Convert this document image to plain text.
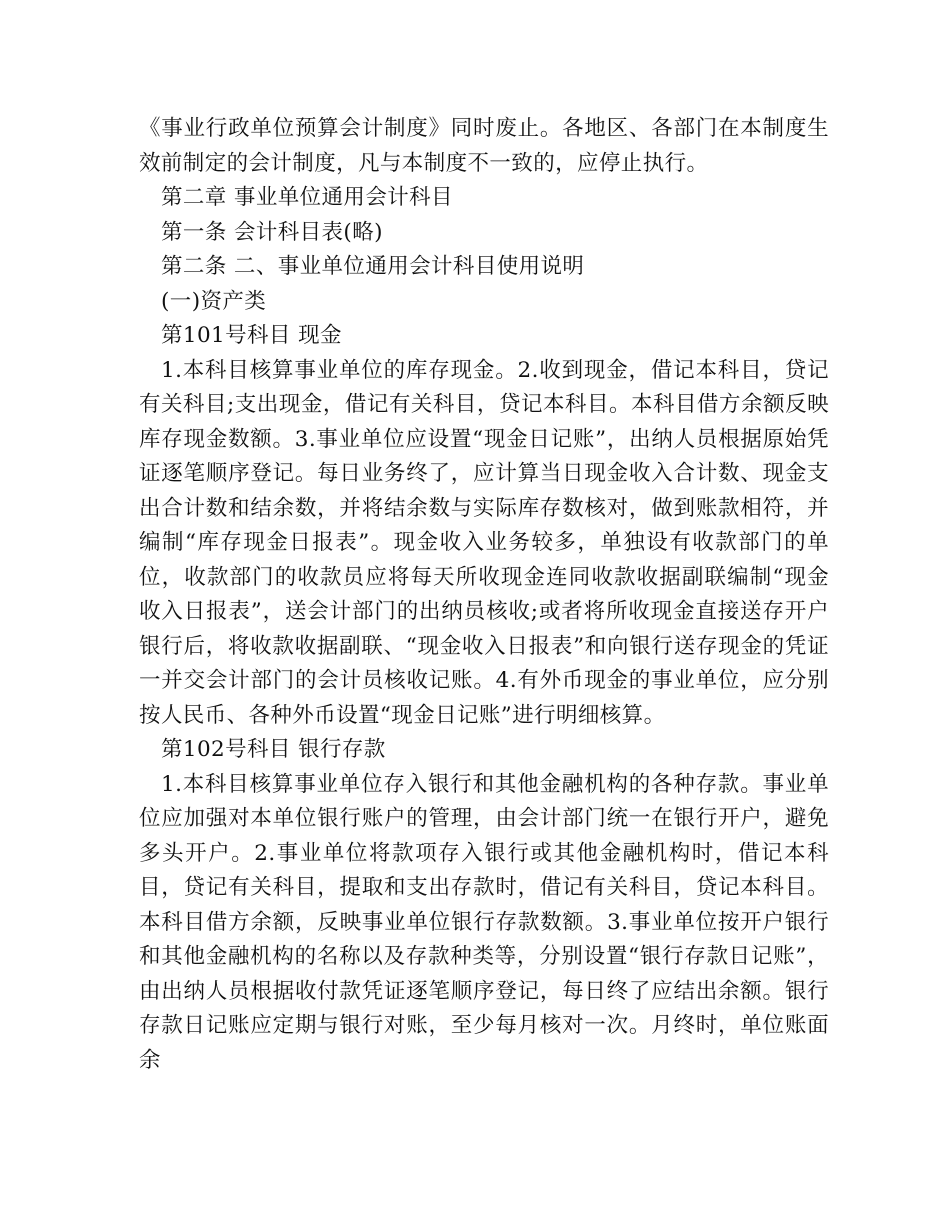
《事业行政单位预算会计制度》同时废止。各地区、各部门在本制度生效前制定的会计制度，凡与本制度不一致的，应停止执行。

第二章 事业单位通用会计科目

第一条 会计科目表(略)

第二条 二、事业单位通用会计科目使用说明

(一)资产类

第101号科目 现金

1.本科目核算事业单位的库存现金。2.收到现金，借记本科目，贷记有关科目;支出现金，借记有关科目，贷记本科目。本科目借方余额反映库存现金数额。3.事业单位应设置“现金日记账”，出纳人员根据原始凭证逐笔顺序登记。每日业务终了，应计算当日现金收入合计数、现金支出合计数和结余数，并将结余数与实际库存数核对，做到账款相符，并编制“库存现金日报表”。现金收入业务较多，单独设有收款部门的单位，收款部门的收款员应将每天所收现金连同收款收据副联编制“现金收入日报表”，送会计部门的出纳员核收;或者将所收现金直接送存开户银行后，将收款收据副联、“现金收入日报表”和向银行送存现金的凭证一并交会计部门的会计员核收记账。4.有外币现金的事业单位，应分别按人民币、各种外币设置“现金日记账”进行明细核算。

第102号科目 银行存款

1.本科目核算事业单位存入银行和其他金融机构的各种存款。事业单位应加强对本单位银行账户的管理，由会计部门统一在银行开户，避免多头开户。2.事业单位将款项存入银行或其他金融机构时，借记本科目，贷记有关科目，提取和支出存款时，借记有关科目，贷记本科目。本科目借方余额，反映事业单位银行存款数额。3.事业单位按开户银行和其他金融机构的名称以及存款种类等，分别设置“银行存款日记账”，由出纳人员根据收付款凭证逐笔顺序登记，每日终了应结出余额。银行存款日记账应定期与银行对账，至少每月核对一次。月终时，单位账面余
